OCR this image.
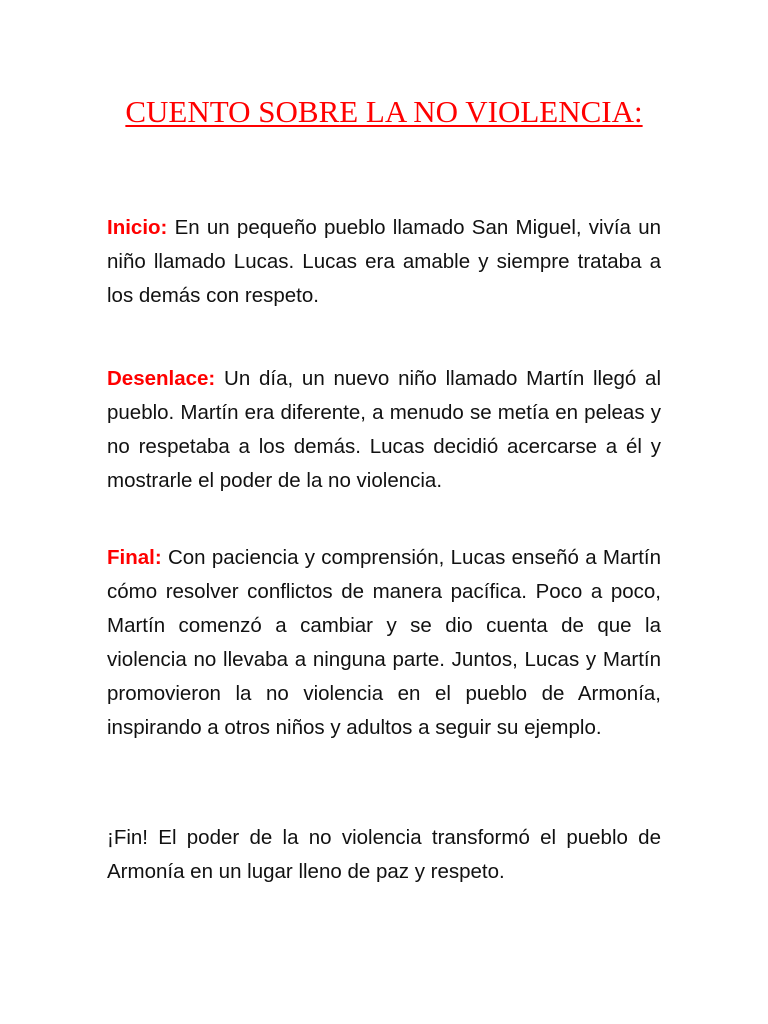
CUENTO SOBRE LA NO VIOLENCIA:

Inicio: En un pequeño pueblo llamado San Miguel, vivía un niño llamado Lucas. Lucas era amable y siempre trataba a los demás con respeto.

Desenlace: Un día, un nuevo niño llamado Martín llegó al pueblo. Martín era diferente, a menudo se metía en peleas y no respetaba a los demás. Lucas decidió acercarse a él y mostrarle el poder de la no violencia.

Final: Con paciencia y comprensión, Lucas enseñó a Martín cómo resolver conflictos de manera pacífica. Poco a poco, Martín comenzó a cambiar y se dio cuenta de que la violencia no llevaba a ninguna parte. Juntos, Lucas y Martín promovieron la no violencia en el pueblo de Armonía, inspirando a otros niños y adultos a seguir su ejemplo.

¡Fin! El poder de la no violencia transformó el pueblo de Armonía en un lugar lleno de paz y respeto.
